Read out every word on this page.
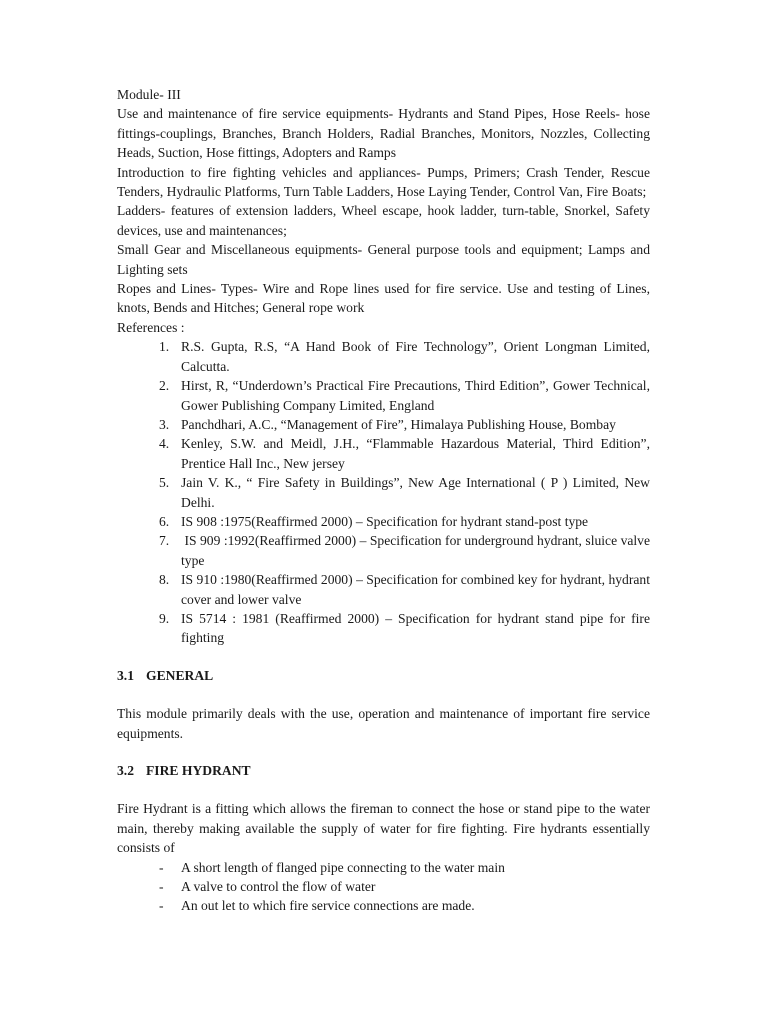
Module- III

Use and maintenance of fire service equipments- Hydrants and Stand Pipes, Hose Reels- hose fittings-couplings, Branches, Branch Holders, Radial Branches, Monitors, Nozzles, Collecting Heads, Suction, Hose fittings, Adopters and Ramps

Introduction to fire fighting vehicles and appliances- Pumps, Primers; Crash Tender, Rescue Tenders, Hydraulic Platforms, Turn Table Ladders, Hose Laying Tender, Control Van, Fire Boats;

Ladders- features of extension ladders, Wheel escape, hook ladder, turn-table, Snorkel, Safety devices, use and maintenances;

Small Gear and Miscellaneous equipments- General purpose tools and equipment; Lamps and Lighting sets

Ropes and Lines- Types- Wire and Rope lines used for fire service. Use and testing of Lines, knots, Bends and Hitches; General rope work

References :

1. R.S. Gupta, R.S, “A Hand Book of Fire Technology”, Orient Longman Limited, Calcutta.
2. Hirst, R, “Underdown’s Practical Fire Precautions, Third Edition”, Gower Technical, Gower Publishing Company Limited, England
3. Panchdhari, A.C., “Management of Fire”, Himalaya Publishing House, Bombay
4. Kenley, S.W. and Meidl, J.H., “Flammable Hazardous Material, Third Edition”, Prentice Hall Inc., New jersey
5. Jain V. K., “ Fire Safety in Buildings”, New Age International ( P ) Limited, New Delhi.
6. IS 908 :1975(Reaffirmed 2000) – Specification for hydrant stand-post type
7. IS 909 :1992(Reaffirmed 2000) – Specification for underground hydrant, sluice valve type
8. IS 910 :1980(Reaffirmed 2000) – Specification for combined key for hydrant, hydrant cover and lower valve
9. IS 5714 : 1981 (Reaffirmed 2000) – Specification for hydrant stand pipe for fire fighting
3.1 GENERAL

This module primarily deals with the use, operation and maintenance of important fire service equipments.

3.2 FIRE HYDRANT

Fire Hydrant is a fitting which allows the fireman to connect the hose or stand pipe to the water main, thereby making available the supply of water for fire fighting. Fire hydrants essentially consists of

- A short length of flanged pipe connecting to the water main
- A valve to control the flow of water
- An out let to which fire service connections are made.
